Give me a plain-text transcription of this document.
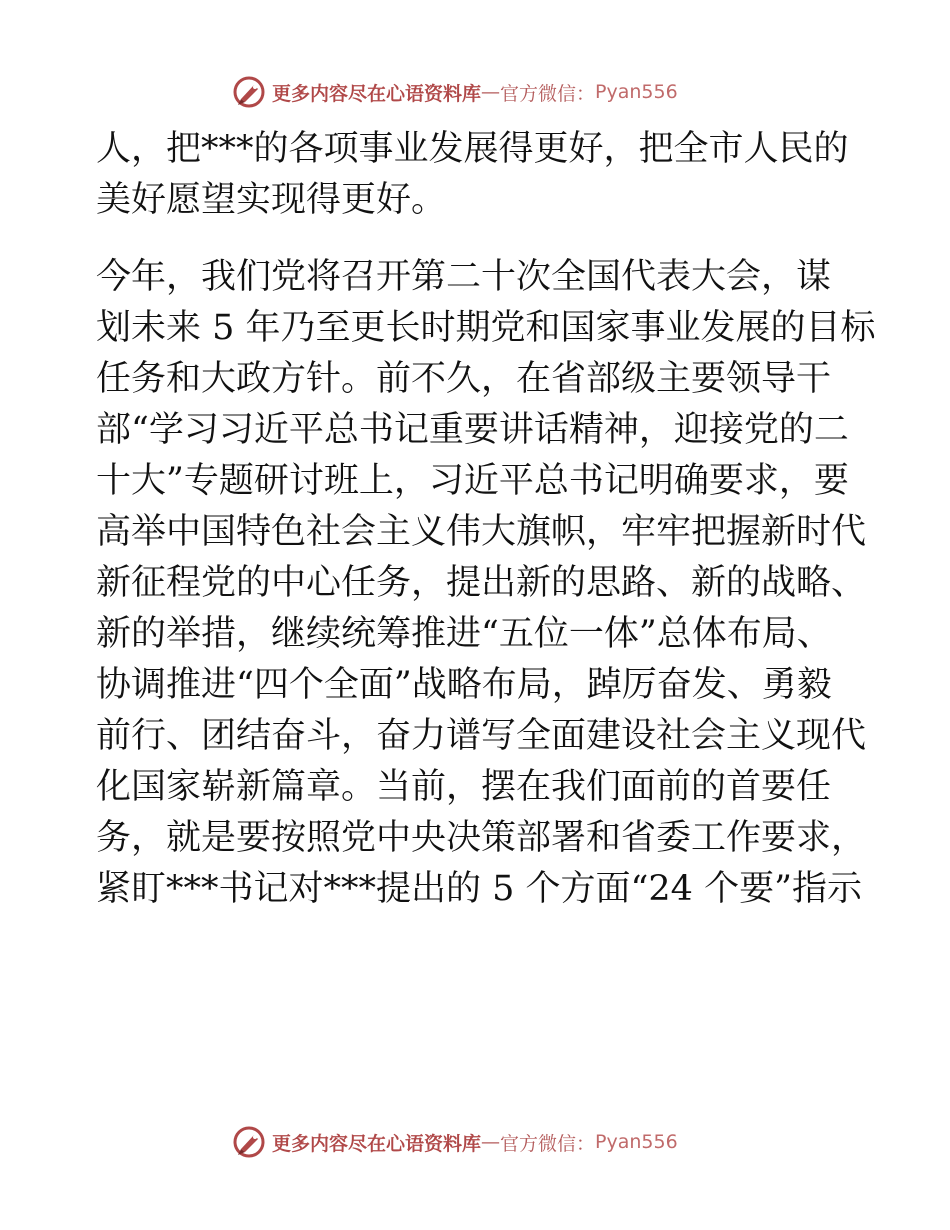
更多内容尽在心语资料库 — 官方微信： Pyan556
人，把***的各项事业发展得更好，把全市人民的
美好愿望实现得更好。
今年，我们党将召开第二十次全国代表大会，谋
划未来 5 年乃至更长时期党和国家事业发展的目标
任务和大政方针。前不久，在省部级主要领导干
部“学习习近平总书记重要讲话精神，迎接党的二
十大”专题研讨班上，习近平总书记明确要求，要
高举中国特色社会主义伟大旗帜，牢牢把握新时代
新征程党的中心任务，提出新的思路、新的战略、
新的举措，继续统筹推进“五位一体”总体布局、
协调推进“四个全面”战略布局，踔厉奋发、勇毅
前行、团结奋斗，奋力谱写全面建设社会主义现代
化国家崭新篇章。当前，摆在我们面前的首要任
务，就是要按照党中央决策部署和省委工作要求，
紧盯***书记对***提出的 5 个方面“24 个要”指示
更多内容尽在心语资料库 — 官方微信： Pyan556
